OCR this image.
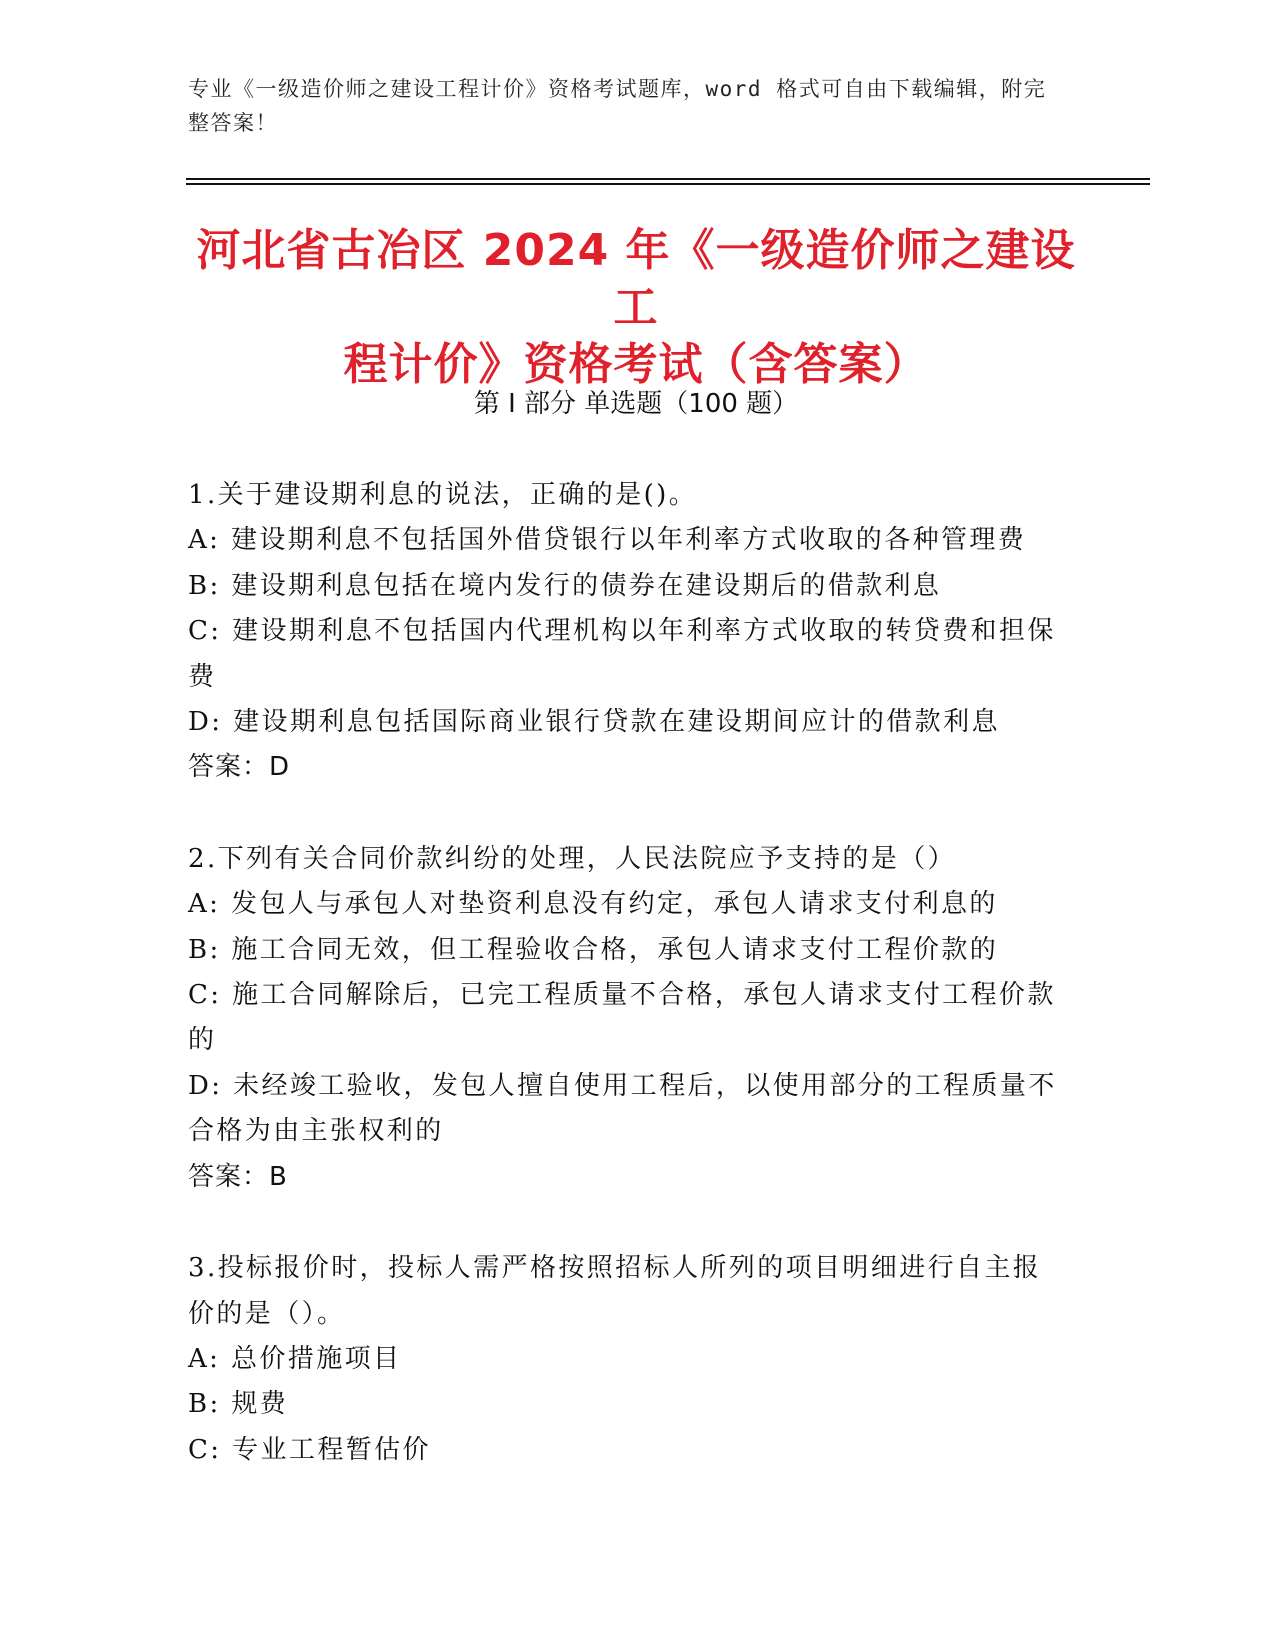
专业《一级造价师之建设工程计价》资格考试题库，word 格式可自由下载编辑，附完整答案！
河北省古冶区 2024 年《一级造价师之建设工
程计价》资格考试（含答案）
第 I 部分 单选题（100 题）

1.关于建设期利息的说法，正确的是()。

A: 建设期利息不包括国外借贷银行以年利率方式收取的各种管理费

B: 建设期利息包括在境内发行的债券在建设期后的借款利息

C: 建设期利息不包括国内代理机构以年利率方式收取的转贷费和担保费

D: 建设期利息包括国际商业银行贷款在建设期间应计的借款利息

答案：D

2.下列有关合同价款纠纷的处理，人民法院应予支持的是（）

A: 发包人与承包人对垫资利息没有约定，承包人请求支付利息的

B: 施工合同无效，但工程验收合格，承包人请求支付工程价款的

C: 施工合同解除后，已完工程质量不合格，承包人请求支付工程价款的

D: 未经竣工验收，发包人擅自使用工程后，以使用部分的工程质量不合格为由主张权利的

答案：B

3.投标报价时，投标人需严格按照招标人所列的项目明细进行自主报价的是（）。

A: 总价措施项目

B: 规费

C: 专业工程暂估价
